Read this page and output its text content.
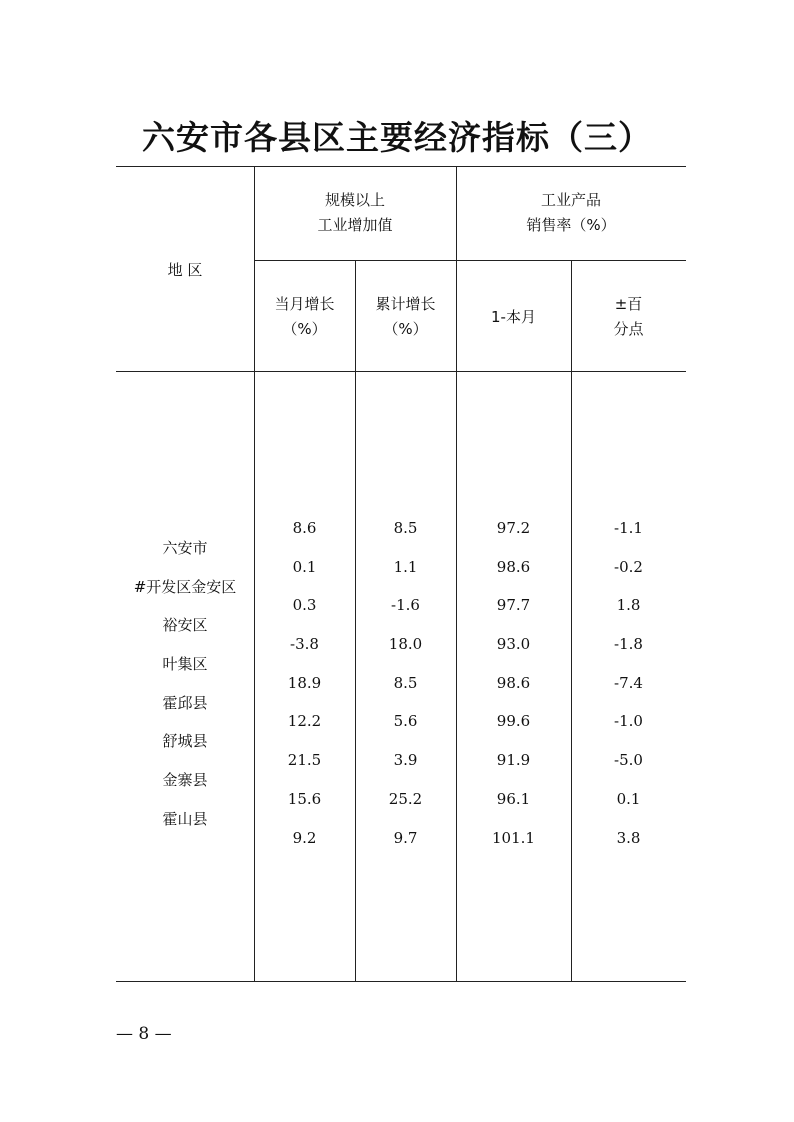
六安市各县区主要经济指标（三）
地 区
规模以上
工业增加值
工业产品
销售率（%）
当月增长
（%）
累计增长
（%）
1-本月
±百
分点
六安市
#开发区金安区
裕安区
叶集区
霍邱县
舒城县
金寨县
霍山县
8.6
0.1
0.3
-3.8
18.9
12.2
21.5
15.6
9.2
8.5
1.1
-1.6
18.0
8.5
5.6
3.9
25.2
9.7
97.2
98.6
97.7
93.0
98.6
99.6
91.9
96.1
101.1
-1.1
-0.2
1.8
-1.8
-7.4
-1.0
-5.0
0.1
3.8
— 8 —
